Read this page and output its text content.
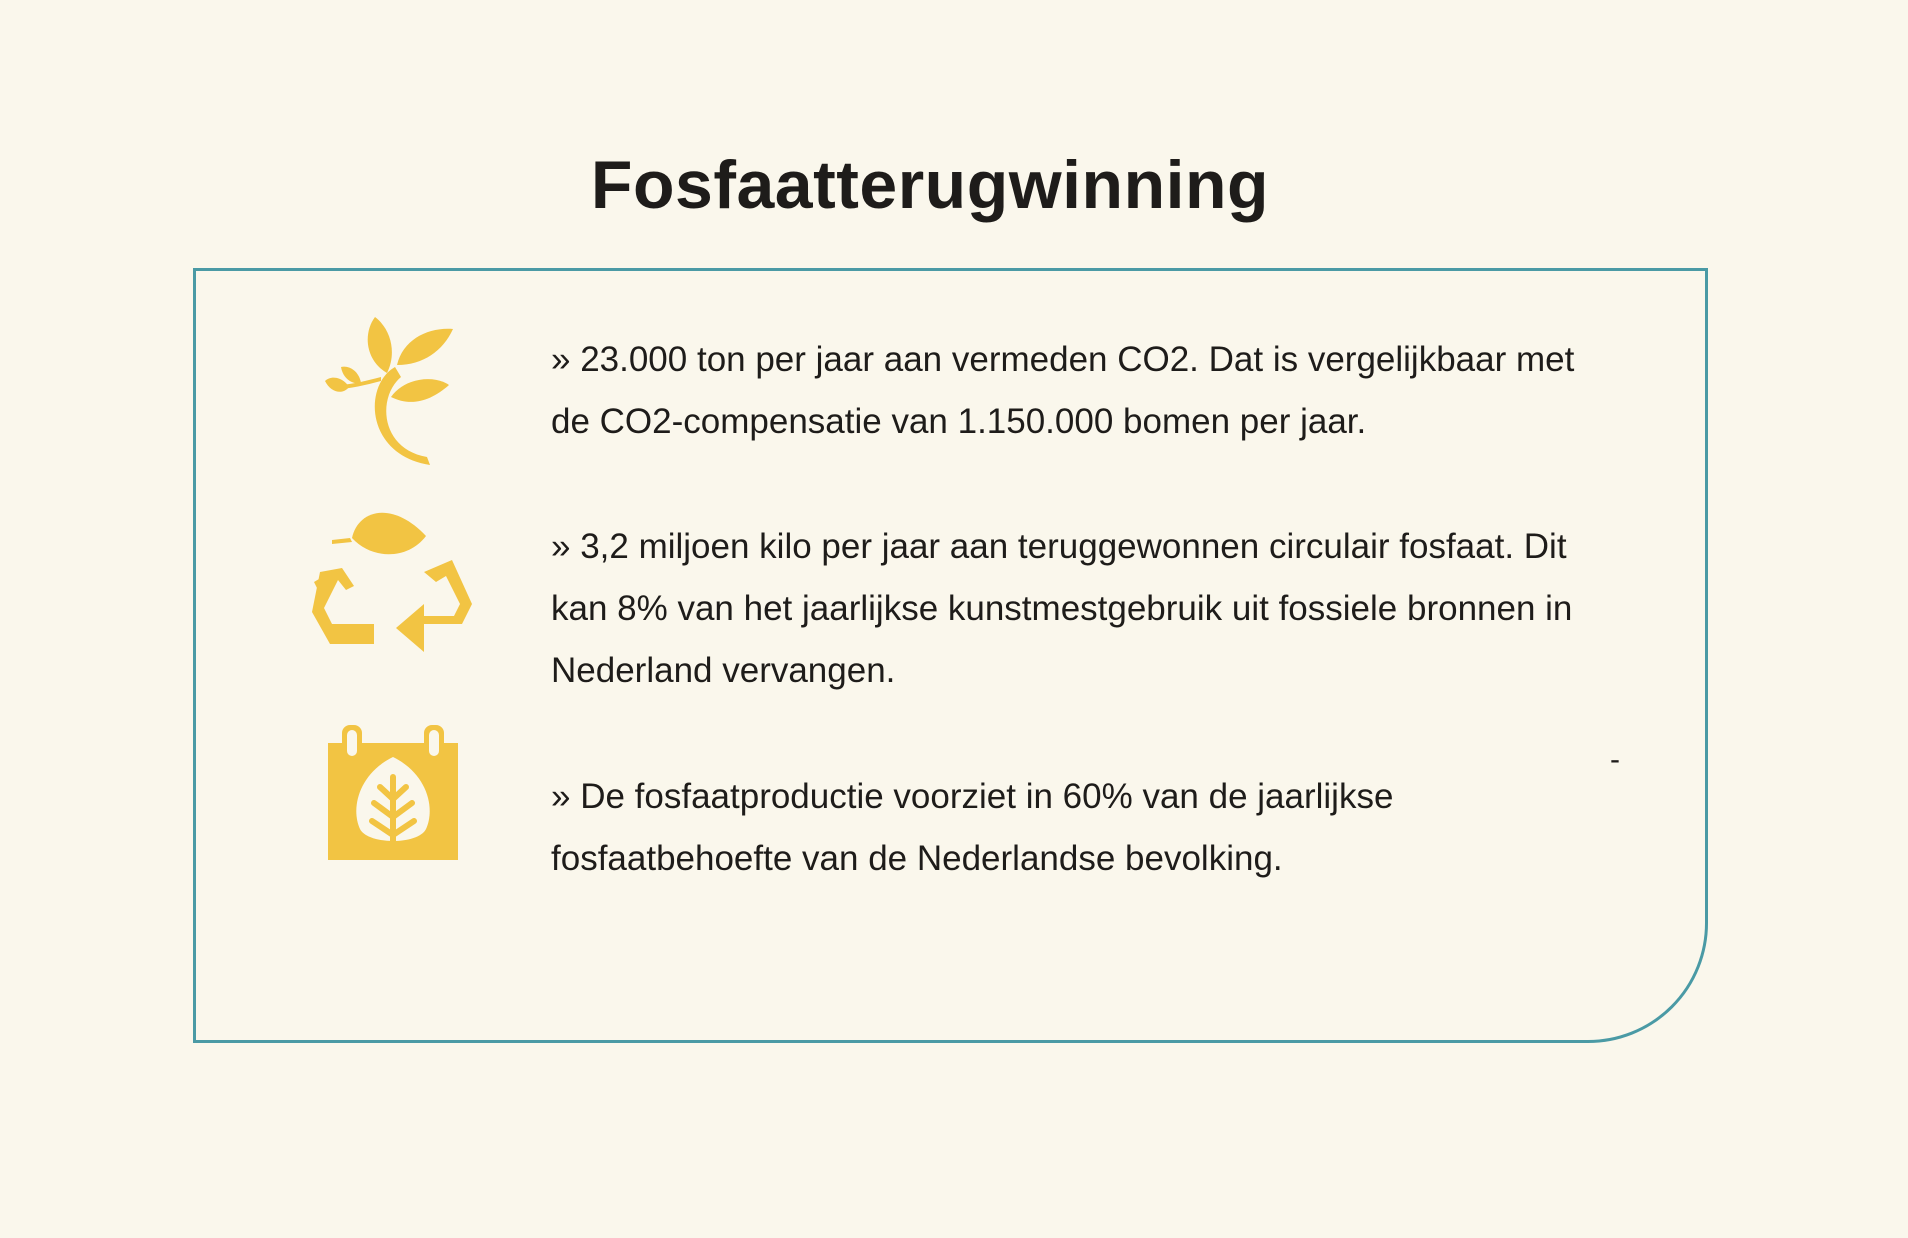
Fosfaatterugwinning

» 23.000 ton per jaar aan vermeden CO2. Dat is vergelijkbaar met de CO2-compensatie van 1.150.000 bomen per jaar.

» 3,2 miljoen kilo per jaar aan teruggewonnen circulair fosfaat. Dit kan 8% van het jaarlijkse kunstmestgebruik uit fossiele bronnen in Nederland vervangen.

» De fosfaatproductie voorziet in 60% van de jaarlijkse fosfaatbehoefte van de Nederlandse bevolking.

-
